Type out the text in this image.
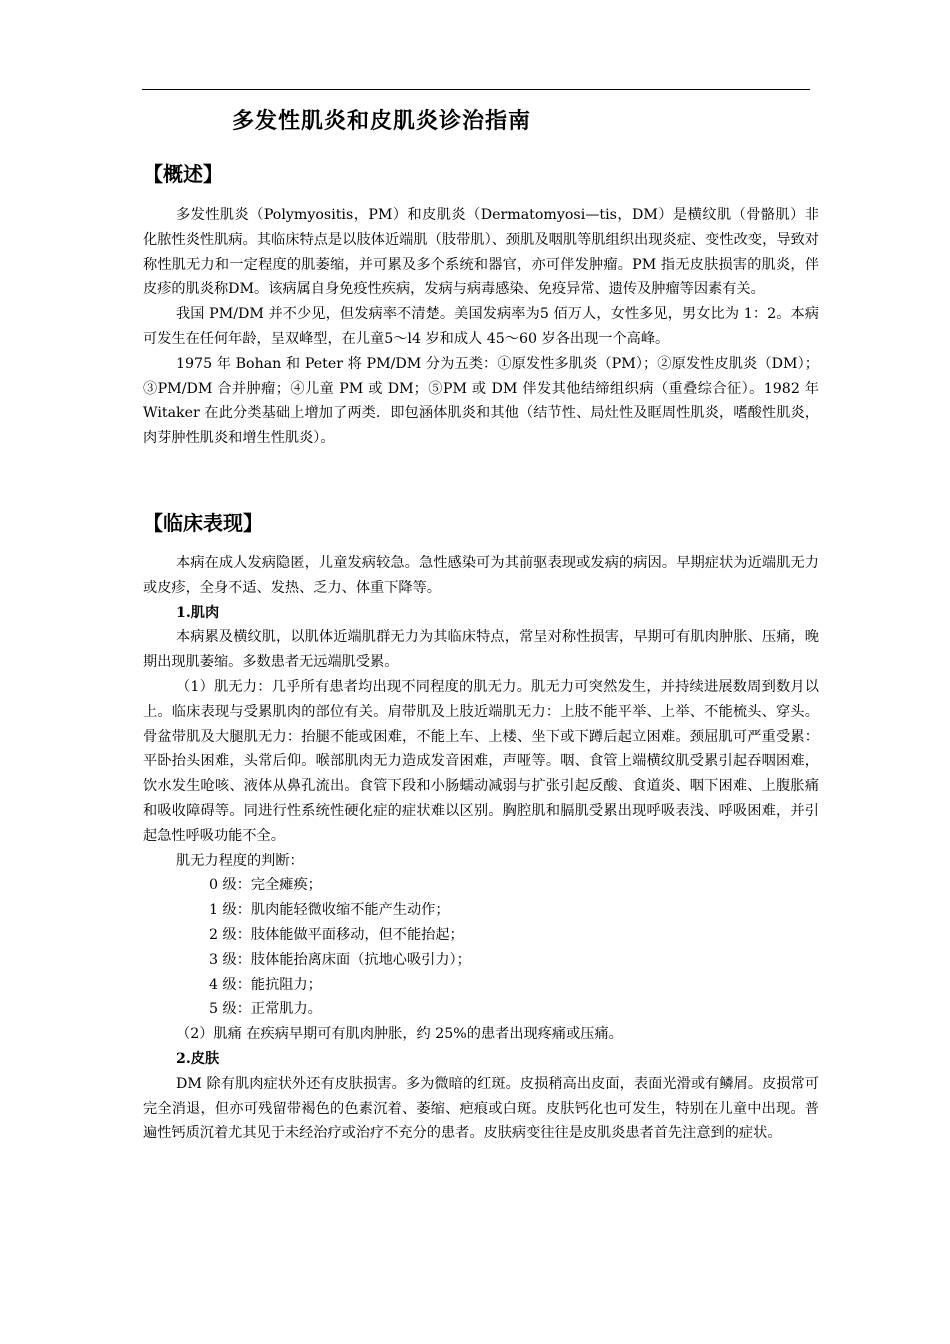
多发性肌炎和皮肌炎诊治指南
【概述】

多发性肌炎（Polymyositis，PM）和皮肌炎（Dermatomyosi—tis，DM）是横纹肌（骨骼肌）非化脓性炎性肌病。其临床特点是以肢体近端肌（肢带肌）、颈肌及咽肌等肌组织出现炎症、变性改变，导致对称性肌无力和一定程度的肌萎缩，并可累及多个系统和器官，亦可伴发肿瘤。PM 指无皮肤损害的肌炎，伴皮疹的肌炎称DM。该病属自身免疫性疾病，发病与病毒感染、免疫异常、遗传及肿瘤等因素有关。

我国 PM/DM 并不少见，但发病率不清楚。美国发病率为5 佰万人，女性多见，男女比为 1：2。本病可发生在任何年龄，呈双峰型，在儿童5～l4 岁和成人 45～60 岁各出现一个高峰。

1975 年 Bohan 和 Peter 将 PM/DM 分为五类：①原发性多肌炎（PM）；②原发性皮肌炎（DM）；③PM/DM 合并肿瘤；④儿童 PM 或 DM；⑤PM 或 DM 伴发其他结缔组织病（重叠综合征）。1982 年 Witaker 在此分类基础上增加了两类．即包涵体肌炎和其他（结节性、局灶性及眶周性肌炎，嗜酸性肌炎，肉芽肿性肌炎和增生性肌炎）。

【临床表现】

本病在成人发病隐匿，儿童发病较急。急性感染可为其前驱表现或发病的病因。早期症状为近端肌无力或皮疹，全身不适、发热、乏力、体重下降等。

1.肌肉

本病累及横纹肌，以肌体近端肌群无力为其临床特点，常呈对称性损害，早期可有肌肉肿胀、压痛，晚期出现肌萎缩。多数患者无远端肌受累。

（1）肌无力：几乎所有患者均出现不同程度的肌无力。肌无力可突然发生，并持续进展数周到数月以上。临床表现与受累肌肉的部位有关。肩带肌及上肢近端肌无力：上肢不能平举、上举、不能梳头、穿头。骨盆带肌及大腿肌无力：抬腿不能或困难，不能上车、上楼、坐下或下蹲后起立困难。颈屈肌可严重受累：平卧抬头困难，头常后仰。喉部肌肉无力造成发音困难，声哑等。咽、食管上端横纹肌受累引起吞咽困难，饮水发生呛咳、液体从鼻孔流出。食管下段和小肠蠕动减弱与扩张引起反酸、食道炎、咽下困难、上腹胀痛和吸收障碍等。同进行性系统性硬化症的症状难以区别。胸腔肌和膈肌受累出现呼吸表浅、呼吸困难，并引起急性呼吸功能不全。

肌无力程度的判断：

0 级：完全瘫痪；
1 级：肌肉能轻微收缩不能产生动作；
2 级：肢体能做平面移动，但不能抬起；
3 级：肢体能抬离床面（抗地心吸引力）；
4 级：能抗阻力；
5 级：正常肌力。
（2）肌痛 在疾病早期可有肌肉肿胀，约 25%的患者出现疼痛或压痛。
2.皮肤

DM 除有肌肉症状外还有皮肤损害。多为微暗的红斑。皮损稍高出皮面，表面光滑或有鳞屑。皮损常可完全消退，但亦可残留带褐色的色素沉着、萎缩、疤痕或白斑。皮肤钙化也可发生，特别在儿童中出现。普遍性钙质沉着尤其见于未经治疗或治疗不充分的患者。皮肤病变往往是皮肌炎患者首先注意到的症状。
